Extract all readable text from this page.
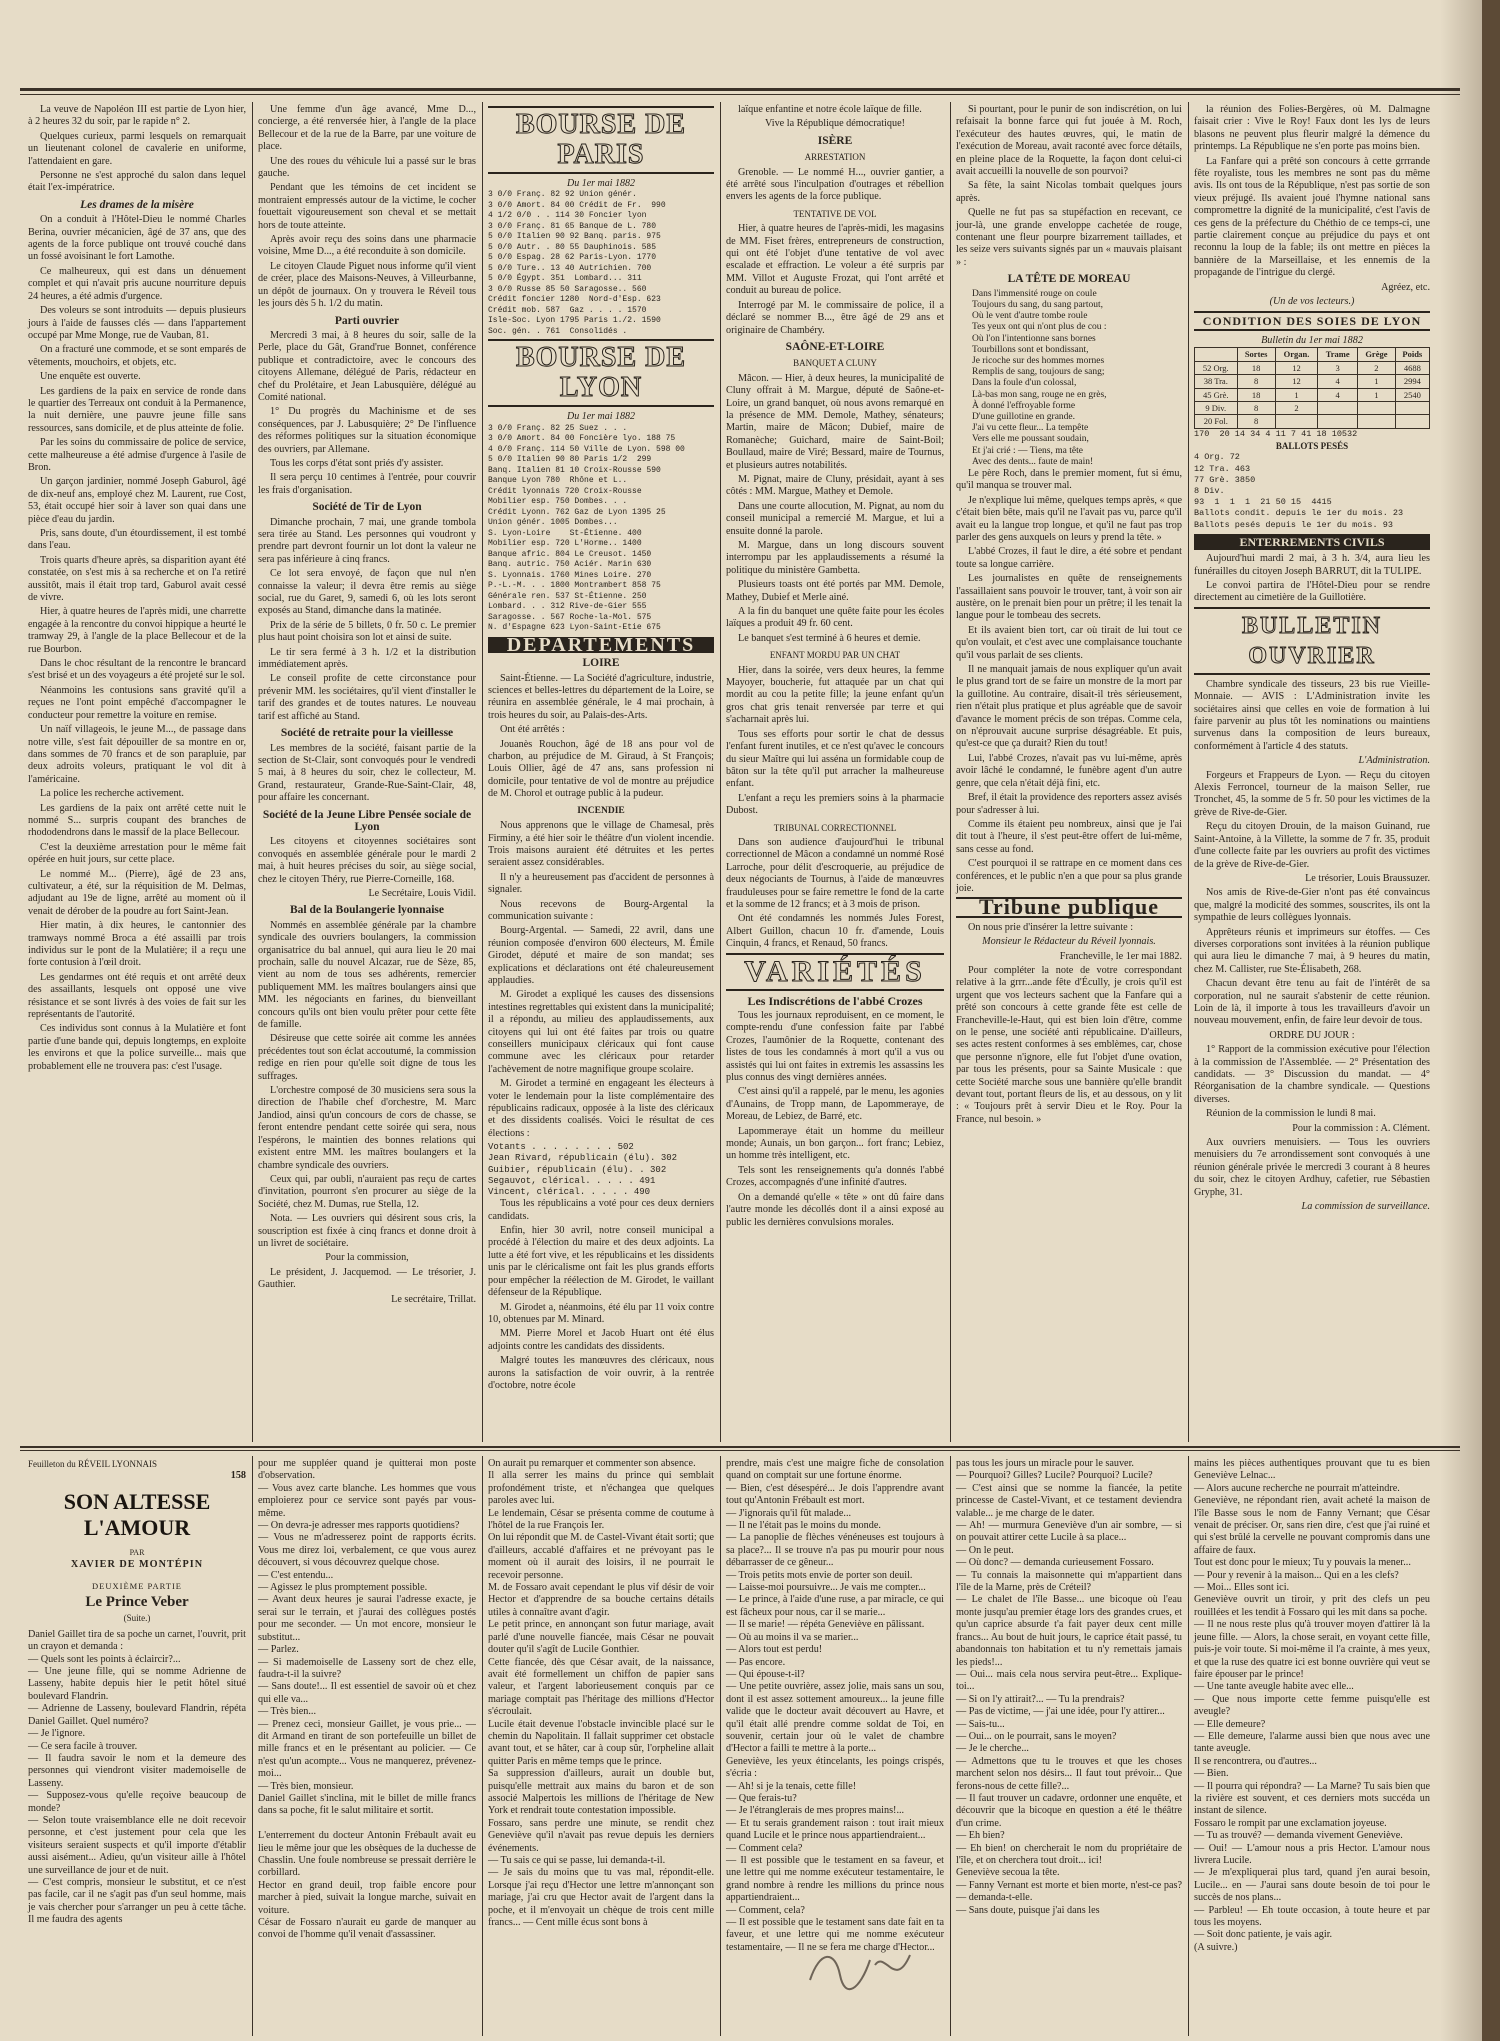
La veuve de Napoléon III est partie de Lyon hier, à 2 heures 32 du soir, par le rapide n° 2.

Quelques curieux, parmi lesquels on remarquait un lieutenant colonel de cavalerie en uniforme, l'attendaient en gare.

Personne ne s'est approché du salon dans lequel était l'ex-impératrice.

Les drames de la misère

On a conduit à l'Hôtel-Dieu le nommé Charles Berina, ouvrier mécanicien, âgé de 37 ans, que des agents de la force publique ont trouvé couché dans un fossé avoisinant le fort Lamothe.

Ce malheureux, qui est dans un dénuement complet et qui n'avait pris aucune nourriture depuis 24 heures, a été admis d'urgence.

Des voleurs se sont introduits — depuis plusieurs jours à l'aide de fausses clés — dans l'appartement occupé par Mme Monge, rue de Vauban, 81.

On a fracturé une commode, et se sont emparés de vêtements, mouchoirs, et objets, etc.

Une enquête est ouverte.

Les gardiens de la paix en service de ronde dans le quartier des Terreaux ont conduit à la Permanence, la nuit dernière, une pauvre jeune fille sans ressources, sans domicile, et de plus atteinte de folie.

Par les soins du commissaire de police de service, cette malheureuse a été admise d'urgence à l'asile de Bron.

Un garçon jardinier, nommé Joseph Gaburol, âgé de dix-neuf ans, employé chez M. Laurent, rue Cost, 53, était occupé hier soir à laver son quai dans une pièce d'eau du jardin.

Pris, sans doute, d'un étourdissement, il est tombé dans l'eau.

Trois quarts d'heure après, sa disparition ayant été constatée, on s'est mis à sa recherche et on l'a retiré aussitôt, mais il était trop tard, Gaburol avait cessé de vivre.

Hier, à quatre heures de l'après midi, une charrette engagée à la rencontre du convoi hippique a heurté le tramway 29, à l'angle de la place Bellecour et de la rue Bourbon.

Dans le choc résultant de la rencontre le brancard s'est brisé et un des voyageurs a été projeté sur le sol.

Néanmoins les contusions sans gravité qu'il a reçues ne l'ont point empêché d'accompagner le conducteur pour remettre la voiture en remise.

Un naïf villageois, le jeune M..., de passage dans notre ville, s'est fait dépouiller de sa montre en or, dans sommes de 70 francs et de son parapluie, par deux adroits voleurs, pratiquant le vol dit à l'américaine.

La police les recherche activement.

Les gardiens de la paix ont arrêté cette nuit le nommé S... surpris coupant des branches de rhododendrons dans le massif de la place Bellecour.

C'est la deuxième arrestation pour le même fait opérée en huit jours, sur cette place.

Le nommé M... (Pierre), âgé de 23 ans, cultivateur, a été, sur la réquisition de M. Delmas, adjudant au 19e de ligne, arrêté au moment où il venait de dérober de la poudre au fort Saint-Jean.

Hier matin, à dix heures, le cantonnier des tramways nommé Broca a été assailli par trois individus sur le pont de la Mulatière; il a reçu une forte contusion à l'œil droit.

Les gendarmes ont été requis et ont arrêté deux des assaillants, lesquels ont opposé une vive résistance et se sont livrés à des voies de fait sur les représentants de l'autorité.

Ces individus sont connus à la Mulatière et font partie d'une bande qui, depuis longtemps, en exploite les environs et que la police surveille... mais que probablement elle ne trouvera pas: c'est l'usage.

Une femme d'un âge avancé, Mme D..., concierge, a été renversée hier, à l'angle de la place Bellecour et de la rue de la Barre, par une voiture de place.

Une des roues du véhicule lui a passé sur le bras gauche.

Pendant que les témoins de cet incident se montraient empressés autour de la victime, le cocher fouettait vigoureusement son cheval et se mettait hors de toute atteinte.

Après avoir reçu des soins dans une pharmacie voisine, Mme D..., a été reconduite à son domicile.

Le citoyen Claude Piguet nous informe qu'il vient de créer, place des Maisons-Neuves, à Villeurbanne, un dépôt de journaux. On y trouvera le Réveil tous les jours dès 5 h. 1/2 du matin.

Parti ouvrier

Mercredi 3 mai, à 8 heures du soir, salle de la Perle, place du Gât, Grand'rue Bonnet, conférence publique et contradictoire, avec le concours des citoyens Allemane, délégué de Paris, rédacteur en chef du Prolétaire, et Jean Labusquière, délégué au Comité national.

1° Du progrès du Machinisme et de ses conséquences, par J. Labusquière; 2° De l'influence des réformes politiques sur la situation économique des ouvriers, par Allemane.

Tous les corps d'état sont priés d'y assister.

Il sera perçu 10 centimes à l'entrée, pour couvrir les frais d'organisation.

Société de Tir de Lyon

Dimanche prochain, 7 mai, une grande tombola sera tirée au Stand. Les personnes qui voudront y prendre part devront fournir un lot dont la valeur ne sera pas inférieure à cinq francs.

Ce lot sera envoyé, de façon que nul n'en connaisse la valeur; il devra être remis au siège social, rue du Garet, 9, samedi 6, où les lots seront exposés au Stand, dimanche dans la matinée.

Prix de la série de 5 billets, 0 fr. 50 c. Le premier plus haut point choisira son lot et ainsi de suite.

Le tir sera fermé à 3 h. 1/2 et la distribution immédiatement après.

Le conseil profite de cette circonstance pour prévenir MM. les sociétaires, qu'il vient d'installer le tarif des grandes et de toutes natures. Le nouveau tarif est affiché au Stand.

Société de retraite pour la vieillesse

Les membres de la société, faisant partie de la section de St-Clair, sont convoqués pour le vendredi 5 mai, à 8 heures du soir, chez le collecteur, M. Grand, restaurateur, Grande-Rue-Saint-Clair, 48, pour affaire les concernant.

Société de la Jeune Libre Pensée sociale de Lyon

Les citoyens et citoyennes sociétaires sont convoqués en assemblée générale pour le mardi 2 mai, à huit heures précises du soir, au siège social, chez le citoyen Théry, rue Pierre-Corneille, 168.

Le Secrétaire, Louis Vidil.

Bal de la Boulangerie lyonnaise

Nommés en assemblée générale par la chambre syndicale des ouvriers boulangers, la commission organisatrice du bal annuel, qui aura lieu le 20 mai prochain, salle du nouvel Alcazar, rue de Sèze, 85, vient au nom de tous ses adhérents, remercier publiquement MM. les maîtres boulangers ainsi que MM. les négociants en farines, du bienveillant concours qu'ils ont bien voulu prêter pour cette fête de famille.

Désireuse que cette soirée ait comme les années précédentes tout son éclat accoutumé, la commission redige en rien pour qu'elle soit digne de tous les suffrages.

L'orchestre composé de 30 musiciens sera sous la direction de l'habile chef d'orchestre, M. Marc Jandiod, ainsi qu'un concours de cors de chasse, se feront entendre pendant cette soirée qui sera, nous l'espérons, le maintien des bonnes relations qui existent entre MM. les maîtres boulangers et la chambre syndicale des ouvriers.

Ceux qui, par oubli, n'auraient pas reçu de cartes d'invitation, pourront s'en procurer au siège de la Société, chez M. Dumas, rue Stella, 12.

Nota. — Les ouvriers qui désirent sous cris, la souscription est fixée à cinq francs et donne droit à un livret de sociétaire.

Pour la commission,

Le président, J. Jacquemod. — Le trésorier, J. Gauthier.

Le secrétaire, Trillat.

BOURSE DE PARIS
Du 1er mai 1882
3 0/0 Franç. 82 92 Union génér.
3 0/0 Amort. 84 00 Crédit de Fr.  990
4 1/2 0/0 . . 114 30 Foncier lyon
3 0/0 Franç. 81 65 Banque de L. 780
5 0/0 Italien 90 92 Banq. paris. 975
5 0/0 Autr. . 80 55 Dauphinois. 585
5 0/0 Espag. 28 62 Paris-Lyon. 1770
5 0/0 Ture.. 13 40 Autrichien. 700
5 0/0 Égypt. 351  Lombard... 311
3 0/0 Russe 85 50 Saragosse.. 560
Crédit foncier 1280  Nord-d'Esp. 623
Crédit mob. 587  Gaz . . . . 1570
Isle-Soc. Lyon 1795 Paris 1./2. 1590
Soc. gén. . 761  Consolidés .
BOURSE DE LYON
Du 1er mai 1882
3 0/0 Franç. 82 25 Suez . . .
3 0/0 Amort. 84 00 Foncière lyo. 188 75
4 0/0 Franç. 114 50 Ville de Lyon. 598 00
5 0/0 Italien 90 80 Paris 1/2  299
Banq. Italien 81 10 Croix-Rousse 590
Banque Lyon 780  Rhône et L..
Crédit lyonnais 720 Croix-Rousse
Mobilier esp. 750 Dombes. . .
Crédit Lyonn. 762 Gaz de Lyon 1395 25
Union génér. 1005 Dombes...
S. Lyon-Loire    St-Étienne. 400
Mobilier esp. 720 L'Horme.. 1400
Banque afric. 804 Le Creusot. 1450
Banq. autric. 750 Aciér. Marin 630
S. Lyonnais. 1760 Mines Loire. 270
P.-L.-M. . . 1800 Montrambert 858 75
Générale ren. 537 St-Étienne. 250
Lombard. . . 312 Rive-de-Gier 555
Saragosse. . 567 Roche-la-Mol. 575
N. d'Espagne 623 Lyon-Saint-Etie 675
DÉPARTEMENTS
LOIRE

Saint-Étienne. — La Société d'agriculture, industrie, sciences et belles-lettres du département de la Loire, se réunira en assemblée générale, le 4 mai prochain, à trois heures du soir, au Palais-des-Arts.

Ont été arrêtés :

Jouanès Rouchon, âgé de 18 ans pour vol de charbon, au préjudice de M. Giraud, à St François; Louis Ollier, âgé de 47 ans, sans profession ni domicile, pour tentative de vol de montre au préjudice de M. Chorol et outrage public à la pudeur.

INCENDIE

Nous apprenons que le village de Chamesal, près Firminy, a été hier soir le théâtre d'un violent incendie. Trois maisons auraient été détruites et les pertes seraient assez considérables.

Il n'y a heureusement pas d'accident de personnes à signaler.

Nous recevons de Bourg-Argental la communication suivante :

Bourg-Argental. — Samedi, 22 avril, dans une réunion composée d'environ 600 électeurs, M. Émile Girodet, député et maire de son mandat; ses explications et déclarations ont été chaleureusement applaudies.

M. Girodet a expliqué les causes des dissensions intestines regrettables qui existent dans la municipalité; il a répondu, au milieu des applaudissements, aux citoyens qui lui ont été faites par trois ou quatre conseillers municipaux cléricaux qui font cause commune avec les cléricaux pour retarder l'achèvement de notre magnifique groupe scolaire.

M. Girodet a terminé en engageant les électeurs à voter le lendemain pour la liste complémentaire des républicains radicaux, opposée à la liste des cléricaux et des dissidents coalisés. Voici le résultat de ces élections :

Votants . . . . . . . . 502
Jean Rivard, républicain (élu). 302
Guibier, républicain (élu). . 302
Segauvot, clérical. . . . . 491
Vincent, clérical. . . . . 490

Tous les républicains a voté pour ces deux derniers candidats.

Enfin, hier 30 avril, notre conseil municipal a procédé à l'élection du maire et des deux adjoints. La lutte a été fort vive, et les républicains et les dissidents unis par le cléricalisme ont fait les plus grands efforts pour empêcher la réélection de M. Girodet, le vaillant défenseur de la République.

M. Girodet a, néanmoins, été élu par 11 voix contre 10, obtenues par M. Minard.

MM. Pierre Morel et Jacob Huart ont été élus adjoints contre les candidats des dissidents.

Malgré toutes les manœuvres des cléricaux, nous aurons la satisfaction de voir ouvrir, à la rentrée d'octobre, notre école

laïque enfantine et notre école laïque de fille.

Vive la République démocratique!

ISÈRE
ARRESTATION

Grenoble. — Le nommé H..., ouvrier gantier, a été arrêté sous l'inculpation d'outrages et rébellion envers les agents de la force publique.

TENTATIVE DE VOL

Hier, à quatre heures de l'après-midi, les magasins de MM. Fiset frères, entrepreneurs de construction, qui ont été l'objet d'une tentative de vol avec escalade et effraction. Le voleur a été surpris par MM. Villot et Auguste Frozat, qui l'ont arrêté et conduit au bureau de police.

Interrogé par M. le commissaire de police, il a déclaré se nommer B..., être âgé de 29 ans et originaire de Chambéry.

SAÔNE-ET-LOIRE
BANQUET A CLUNY

Mâcon. — Hier, à deux heures, la municipalité de Cluny offrait à M. Margue, député de Saône-et-Loire, un grand banquet, où nous avons remarqué en la présence de MM. Demole, Mathey, sénateurs; Martin, maire de Mâcon; Dubief, maire de Romanèche; Guichard, maire de Saint-Boil; Boullaud, maire de Viré; Bessard, maire de Tournus, et plusieurs autres notabilités.

M. Pignat, maire de Cluny, présidait, ayant à ses côtés : MM. Margue, Mathey et Demole.

Dans une courte allocution, M. Pignat, au nom du conseil municipal a remercié M. Margue, et lui a ensuite donné la parole.

M. Margue, dans un long discours souvent interrompu par les applaudissements a résumé la politique du ministère Gambetta.

Plusieurs toasts ont été portés par MM. Demole, Mathey, Dubief et Merle ainé.

A la fin du banquet une quête faite pour les écoles laïques a produit 49 fr. 60 cent.

Le banquet s'est terminé à 6 heures et demie.

ENFANT MORDU PAR UN CHAT

Hier, dans la soirée, vers deux heures, la femme Mayoyer, boucherie, fut attaquée par un chat qui mordit au cou la petite fille; la jeune enfant qu'un gros chat gris tenait renversée par terre et qui s'acharnait après lui.

Tous ses efforts pour sortir le chat de dessus l'enfant furent inutiles, et ce n'est qu'avec le concours du sieur Maître qui lui asséna un formidable coup de bâton sur la tête qu'il put arracher la malheureuse enfant.

L'enfant a reçu les premiers soins à la pharmacie Dubost.

TRIBUNAL CORRECTIONNEL

Dans son audience d'aujourd'hui le tribunal correctionnel de Mâcon a condamné un nommé Rosé Larroche, pour délit d'escroquerie, au préjudice de deux négociants de Tournus, à l'aide de manœuvres frauduleuses pour se faire remettre le fond de la carte et la somme de 12 francs; et à 3 mois de prison.

Ont été condamnés les nommés Jules Forest, Albert Guillon, chacun 10 fr. d'amende, Louis Cinquin, 4 francs, et Renaud, 50 francs.

VARIÉTÉS
Les Indiscrétions de l'abbé Crozes

Tous les journaux reproduisent, en ce moment, le compte-rendu d'une confession faite par l'abbé Crozes, l'aumônier de la Roquette, contenant des listes de tous les condamnés à mort qu'il a vus ou assistés qui lui ont faites in extremis les assassins les plus connus des vingt dernières années.

C'est ainsi qu'il a rappelé, par le menu, les agonies d'Aunains, de Tropp mann, de Lapommeraye, de Moreau, de Lebiez, de Barré, etc.

Lapommeraye était un homme du meilleur monde; Aunais, un bon garçon... fort franc; Lebiez, un homme très intelligent, etc.

Tels sont les renseignements qu'a donnés l'abbé Crozes, accompagnés d'une infinité d'autres.

On a demandé qu'elle « tête » ont dû faire dans l'autre monde les décollés dont il a ainsi exposé au public les dernières convulsions morales.

Si pourtant, pour le punir de son indiscrétion, on lui refaisait la bonne farce qui fut jouée à M. Roch, l'exécuteur des hautes œuvres, qui, le matin de l'exécution de Moreau, avait raconté avec force détails, en pleine place de la Roquette, la façon dont celui-ci avait accueilli la nouvelle de son pourvoi?

Sa fête, la saint Nicolas tombait quelques jours après.

Quelle ne fut pas sa stupéfaction en recevant, ce jour-là, une grande enveloppe cachetée de rouge, contenant une fleur pourpre bizarrement taillades, et les seize vers suivants signés par un « mauvais plaisant » :

LA TÊTE DE MOREAU
Dans l'immensité rouge on coule
Toujours du sang, du sang partout,
Où le vent d'autre tombe roule
Tes yeux ont qui n'ont plus de cou :
Où l'on l'intentionne sans bornes
Tourbillons sont et bondissant,
Je ricoche sur des hommes mornes
Remplis de sang, toujours de sang;
Dans la foule d'un colossal,
Là-bas mon sang, rouge ne en grès,
À donné l'effroyable forme
D'une guillotine en grande.
J'ai vu cette fleur... La tempête
Vers elle me poussant soudain,
Et j'ai crié : — Tiens, ma tête
Avec des dents... faute de main!

Le père Roch, dans le premier moment, fut si ému, qu'il manqua se trouver mal.

Je n'explique lui même, quelques temps après, « que c'était bien bête, mais qu'il ne l'avait pas vu, parce qu'il avait eu la langue trop longue, et qu'il ne faut pas trop parler des gens auxquels on leurs y prend la tête. »

L'abbé Crozes, il faut le dire, a été sobre et pendant toute sa longue carrière.

Les journalistes en quête de renseignements l'assaillaient sans pouvoir le trouver, tant, à voir son air austère, on le prenait bien pour un prêtre; il les tenait la langue pour le tombeau des secrets.

Et ils avaient bien tort, car où tirait de lui tout ce qu'on voulait, et c'est avec une complaisance touchante qu'il vous parlait de ses clients.

Il ne manquait jamais de nous expliquer qu'un avait le plus grand tort de se faire un monstre de la mort par la guillotine. Au contraire, disait-il très sérieusement, rien n'était plus pratique et plus agréable que de savoir d'avance le moment précis de son trépas. Comme cela, on n'éprouvait aucune surprise désagréable. Et puis, qu'est-ce que ça durait? Rien du tout!

Lui, l'abbé Crozes, n'avait pas vu lui-même, après avoir lâché le condamné, le funèbre agent d'un autre genre, que cela n'était déjà fini, etc.

Bref, il était la providence des reporters assez avisés pour s'adresser à lui.

Comme ils étaient peu nombreux, ainsi que je l'ai dit tout à l'heure, il s'est peut-être offert de lui-même, sans cesse au fond.

C'est pourquoi il se rattrape en ce moment dans ces conférences, et le public n'en a que pour sa plus grande joie.

Tribune publique

On nous prie d'insérer la lettre suivante :

Monsieur le Rédacteur du Réveil lyonnais.

Francheville, le 1er mai 1882.

Pour compléter la note de votre correspondant relative à la grrr...ande fête d'Écully, je crois qu'il est urgent que vos lecteurs sachent que la Fanfare qui a prêté son concours à cette grande fête est celle de Francheville-le-Haut, qui est bien loin d'être, comme on le pense, une société anti républicaine. D'ailleurs, ses actes restent conformes à ses emblèmes, car, chose que personne n'ignore, elle fut l'objet d'une ovation, par tous les présents, pour sa Sainte Musicale : que cette Société marche sous une bannière qu'elle brandit devant tout, portant fleurs de lis, et au dessous, on y lit : « Toujours prêt à servir Dieu et le Roy. Pour la France, nul besoin. »

la réunion des Folies-Bergères, où M. Dalmagne faisait crier : Vive le Roy! Faux dont les lys de leurs blasons ne peuvent plus fleurir malgré la démence du printemps. La République ne s'en porte pas moins bien.

La Fanfare qui a prêté son concours à cette grrrande fête royaliste, tous les membres ne sont pas du même avis. Ils ont tous de la République, n'est pas sortie de son vieux préjugé. Ils avaient joué l'hymne national sans compromettre la dignité de la municipalité, c'est l'avis de ces gens de la préfecture du Chéthio de ce temps-ci, une partie clairement conçue au préjudice du pays et ont reconnu la loup de la fable; ils ont mettre en pièces la bannière de la Marseillaise, et les ennemis de la propagande de l'intrigue du clergé.

Agréez, etc.

(Un de vos lecteurs.)

CONDITION DES SOIES DE LYON
Bulletin du 1er mai 1882
	Sortes	Organ.	Trame	Grège	Poids
52 Org.	18	12	3	2	4688
38 Tra.	8	12	4	1	2994
45 Grè.	18	1	4	1	2540
9 Div.	8	2			
20 Fol.	8				
170  20 14 34 4 11 7 41 18 10532
BALLOTS PESÉS
4 Org. 72
12 Tra. 463
77 Grè. 3850
8 Div.
93  1  1  1  21 50 15  4415
Ballots condit. depuis le 1er du mois. 23
Ballots pesés depuis le 1er du mois. 93
ENTERREMENTS CIVILS

Aujourd'hui mardi 2 mai, à 3 h. 3/4, aura lieu les funérailles du citoyen Joseph BARRUT, dit la TULIPE.

Le convoi partira de l'Hôtel-Dieu pour se rendre directement au cimetière de la Guillotière.

BULLETIN OUVRIER

Chambre syndicale des tisseurs, 23 bis rue Vieille-Monnaie. — AVIS : L'Administration invite les sociétaires ainsi que celles en voie de formation à lui faire parvenir au plus tôt les nominations ou maintiens survenus dans la composition de leurs bureaux, conformément à l'article 4 des statuts.

L'Administration.

Forgeurs et Frappeurs de Lyon. — Reçu du citoyen Alexis Ferroncel, tourneur de la maison Seller, rue Tronchet, 45, la somme de 5 fr. 50 pour les victimes de la grève de Rive-de-Gier.

Reçu du citoyen Drouin, de la maison Guinand, rue Saint-Antoine, à la Villette, la somme de 7 fr. 35, produit d'une collecte faite par les ouvriers au profit des victimes de la grève de Rive-de-Gier.

Le trésorier, Louis Braussuzer.

Nos amis de Rive-de-Gier n'ont pas été convaincus que, malgré la modicité des sommes, souscrites, ils ont la sympathie de leurs collègues lyonnais.

Apprêteurs réunis et imprimeurs sur étoffes. — Ces diverses corporations sont invitées à la réunion publique qui aura lieu le dimanche 7 mai, à 9 heures du matin, chez M. Callister, rue Ste-Élisabeth, 268.

Chacun devant être tenu au fait de l'intérêt de sa corporation, nul ne saurait s'abstenir de cette réunion. Loin de là, il importe à tous les travailleurs d'avoir un nouveau mouvement, enfin, de faire leur devoir de tous.

ORDRE DU JOUR :

1° Rapport de la commission exécutive pour l'élection à la commission de l'Assemblée. — 2° Présentation des candidats. — 3° Discussion du mandat. — 4° Réorganisation de la chambre syndicale. — Questions diverses.

Réunion de la commission le lundi 8 mai.

Pour la commission : A. Clément.

Aux ouvriers menuisiers. — Tous les ouvriers menuisiers du 7e arrondissement sont convoqués à une réunion générale privée le mercredi 3 courant à 8 heures du soir, chez le citoyen Ardhuy, cafetier, rue Sébastien Gryphe, 31.

La commission de surveillance.

Feuilleton du RÉVEIL LYONNAIS
158
SON ALTESSE L'AMOUR
PAR
XAVIER DE MONTÉPIN
DEUXIÈME PARTIE
Le Prince Veber
(Suite.)
Daniel Gaillet tira de sa poche un carnet, l'ouvrit, prit un crayon et demanda :
— Quels sont les points à éclaircir?...
— Une jeune fille, qui se nomme Adrienne de Lasseny, habite depuis hier le petit hôtel situé boulevard Flandrin.
— Adrienne de Lasseny, boulevard Flandrin, répéta Daniel Gaillet. Quel numéro?
— Je l'ignore.
— Ce sera facile à trouver.
— Il faudra savoir le nom et la demeure des personnes qui viendront visiter mademoiselle de Lasseny.
— Supposez-vous qu'elle reçoive beaucoup de monde?
— Selon toute vraisemblance elle ne doit recevoir personne, et c'est justement pour cela que les visiteurs seraient suspects et qu'il importe d'établir aussi aisément... Adieu, qu'un visiteur aille à l'hôtel une surveillance de jour et de nuit.
— C'est compris, monsieur le substitut, et ce n'est pas facile, car il ne s'agit pas d'un seul homme, mais je vais chercher pour s'arranger un peu à cette tâche. Il me faudra des agents
pour me suppléer quand je quitterai mon poste d'observation.
— Vous avez carte blanche. Les hommes que vous emploierez pour ce service sont payés par vous-même.
— On devra-je adresser mes rapports quotidiens?
— Vous ne m'adresserez point de rapports écrits. Vous me direz loi, verbalement, ce que vous aurez découvert, si vous découvrez quelque chose.
— C'est entendu...
— Agissez le plus promptement possible.
— Avant deux heures je saurai l'adresse exacte, je serai sur le terrain, et j'aurai des collègues postés pour me seconder. — Un mot encore, monsieur le substitut...
— Parlez.
— Si mademoiselle de Lasseny sort de chez elle, faudra-t-il la suivre?
— Sans doute!... Il est essentiel de savoir où et chez qui elle va...
— Très bien...
— Prenez ceci, monsieur Gaillet, je vous prie... — dit Armand en tirant de son portefeuille un billet de mille francs et en le présentant au policier. — Ce n'est qu'un acompte... Vous ne manquerez, prévenez-moi...
— Très bien, monsieur.
Daniel Gaillet s'inclina, mit le billet de mille francs dans sa poche, fit le salut militaire et sortit.

L'enterrement du docteur Antonin Frébault avait eu lieu le même jour que les obsèques de la duchesse de Chasslin. Une foule nombreuse se pressait derrière le corbillard.
Hector en grand deuil, trop faible encore pour marcher à pied, suivait la longue marche, suivait en voiture.
César de Fossaro n'aurait eu garde de manquer au convoi de l'homme qu'il venait d'assassiner.
On aurait pu remarquer et commenter son absence.
Il alla serrer les mains du prince qui semblait profondément triste, et n'échangea que quelques paroles avec lui.
Le lendemain, César se présenta comme de coutume à l'hôtel de la rue François Ier.
On lui répondit que M. de Castel-Vivant était sorti; que d'ailleurs, accablé d'affaires et ne prévoyant pas le moment où il aurait des loisirs, il ne pourrait le recevoir personne.
M. de Fossaro avait cependant le plus vif désir de voir Hector et d'apprendre de sa bouche certains détails utiles à connaître avant d'agir.
Le petit prince, en annonçant son futur mariage, avait parlé d'une nouvelle fiancée, mais César ne pouvait douter qu'il s'agît de Lucile Gonthier.
Cette fiancée, dès que César avait, de la naissance, avait été formellement un chiffon de papier sans valeur, et l'argent laborieusement conquis par ce mariage comptait pas l'héritage des millions d'Hector s'écroulait.
Lucile était devenue l'obstacle invincible placé sur le chemin du Napolitain. Il fallait supprimer cet obstacle avant tout, et se hâter, car à coup sûr, l'orpheline allait quitter Paris en même temps que le prince.
Sa suppression d'ailleurs, aurait un double but, puisqu'elle mettrait aux mains du baron et de son associé Malpertois les millions de l'héritage de New York et rendrait toute contestation impossible.
Fossaro, sans perdre une minute, se rendit chez Geneviève qu'il n'avait pas revue depuis les derniers événements.
— Tu sais ce qui se passe, lui demanda-t-il.
— Je sais du moins que tu vas mal, répondit-elle. Lorsque j'ai reçu d'Hector une lettre m'annonçant son mariage, j'ai cru que Hector avait de l'argent dans la poche, et il m'envoyait un chèque de trois cent mille francs... — Cent mille écus sont bons à
prendre, mais c'est une maigre fiche de consolation quand on comptait sur une fortune énorme.
— Bien, c'est désespéré... Je dois l'apprendre avant tout qu'Antonin Frébault est mort.
— J'ignorais qu'il fût malade...
— Il ne l'était pas le moins du monde.
— La panoplie de flèches vénéneuses est toujours à sa place?... Il se trouve n'a pas pu mourir pour nous débarrasser de ce gêneur...
— Trois petits mots envie de porter son deuil.
— Laisse-moi poursuivre... Je vais me compter...
— Le prince, à l'aide d'une ruse, a par miracle, ce qui est fâcheux pour nous, car il se marie...
— Il se marie! — répéta Geneviève en pâlissant.
— Où au moins il va se marier...
— Alors tout est perdu!
— Pas encore.
— Qui épouse-t-il?
— Une petite ouvrière, assez jolie, mais sans un sou, dont il est assez sottement amoureux... la jeune fille valide que le docteur avait découvert au Havre, et qu'il était allé prendre comme soldat de Toi, en souvenir, certain jour où le valet de chambre d'Hector a failli te mettre à la porte...
Geneviève, les yeux étincelants, les poings crispés, s'écria :
— Ah! si je la tenais, cette fille!
— Que ferais-tu?
— Je l'étranglerais de mes propres mains!...
— Et tu serais grandement raison : tout irait mieux quand Lucile et le prince nous appartiendraient...
— Comment cela?
— Il est possible que le testament en sa faveur, et une lettre qui me nomme exécuteur testamentaire, le grand nombre à rendre les millions du prince nous appartiendraient...
— Comment, cela?
— Il est possible que le testament sans date fait en ta faveur, et une lettre qui me nomme exécuteur testamentaire, — Il ne se fera me charge d'Hector...
pas tous les jours un miracle pour le sauver.
— Pourquoi? Gilles? Lucile? Pourquoi? Lucile?
— C'est ainsi que se nomme la fiancée, la petite princesse de Castel-Vivant, et ce testament deviendra valable... je me charge de le dater.
— Ah! — murmura Geneviève d'un air sombre, — si on pouvait attirer cette Lucile à sa place...
— On le peut.
— Où donc? — demanda curieusement Fossaro.
— Tu connais la maisonnette qui m'appartient dans l'île de la Marne, près de Créteil?
— Le chalet de l'île Basse... une bicoque où l'eau monte jusqu'au premier étage lors des grandes crues, et qu'un caprice absurde t'a fait payer deux cent mille francs... Au bout de huit jours, le caprice était passé, tu abandonnais ton habitation et tu n'y remettais jamais les pieds!...
— Oui... mais cela nous servira peut-être... Explique-toi...
— Si on l'y attirait?... — Tu la prendrais?
— Pas de victime, — j'ai une idée, pour l'y attirer...
— Sais-tu...
— Oui... on le pourrait, sans le moyen?
— Je le cherche...
— Admettons que tu le trouves et que les choses marchent selon nos désirs... Il faut tout prévoir... Que ferons-nous de cette fille?...
— Il faut trouver un cadavre, ordonner une enquête, et découvrir que la bicoque en question a été le théâtre d'un crime.
— Eh bien?
— Eh bien! on chercherait le nom du propriétaire de l'île, et on cherchera tout droit... ici!
Geneviève secoua la tête.
— Fanny Vernant est morte et bien morte, n'est-ce pas? — demanda-t-elle.
— Sans doute, puisque j'ai dans les
mains les pièces authentiques prouvant que tu es bien Geneviève Lelnac...
— Alors aucune recherche ne pourrait m'atteindre.
Geneviève, ne répondant rien, avait acheté la maison de l'île Basse sous le nom de Fanny Vernant; que César venait de préciser. Or, sans rien dire, c'est que j'ai ruiné et qui s'est brûlé la cervelle ne pouvant compromis dans une affaire de faux.
Tout est donc pour le mieux; Tu y pouvais la mener...
— Pour y revenir à la maison... Qui en a les clefs?
— Moi... Elles sont ici.
Geneviève ouvrit un tiroir, y prit des clefs un peu rouillées et les tendit à Fossaro qui les mit dans sa poche.
— Il ne nous reste plus qu'à trouver moyen d'attirer là la jeune fille. — Alors, la chose serait, en voyant cette fille, puis-je voir toute. Si moi-même il l'a crainte, à mes yeux, et que la ruse des quatre ici est bonne ouvrière qui veut se faire épouser par le prince!
— Une tante aveugle habite avec elle...
— Que nous importe cette femme puisqu'elle est aveugle?
— Elle demeure?
— Elle demeure, l'alarme aussi bien que nous avec une tante aveugle.
Il se rencontrera, ou d'autres...
— Bien.
— Il pourra qui répondra? — La Marne? Tu sais bien que la rivière est souvent, et ces derniers mots succéda un instant de silence.
Fossaro le rompit par une exclamation joyeuse.
— Tu as trouvé? — demanda vivement Geneviève.
— Oui! — L'amour nous a pris Hector. L'amour nous livrera Lucile.
— Je m'expliquerai plus tard, quand j'en aurai besoin, Lucile... en — J'aurai sans doute besoin de toi pour le succès de nos plans...
— Parbleu! — Eh toute occasion, à toute heure et par tous les moyens.
— Soit donc patiente, je vais agir.
(A suivre.)
